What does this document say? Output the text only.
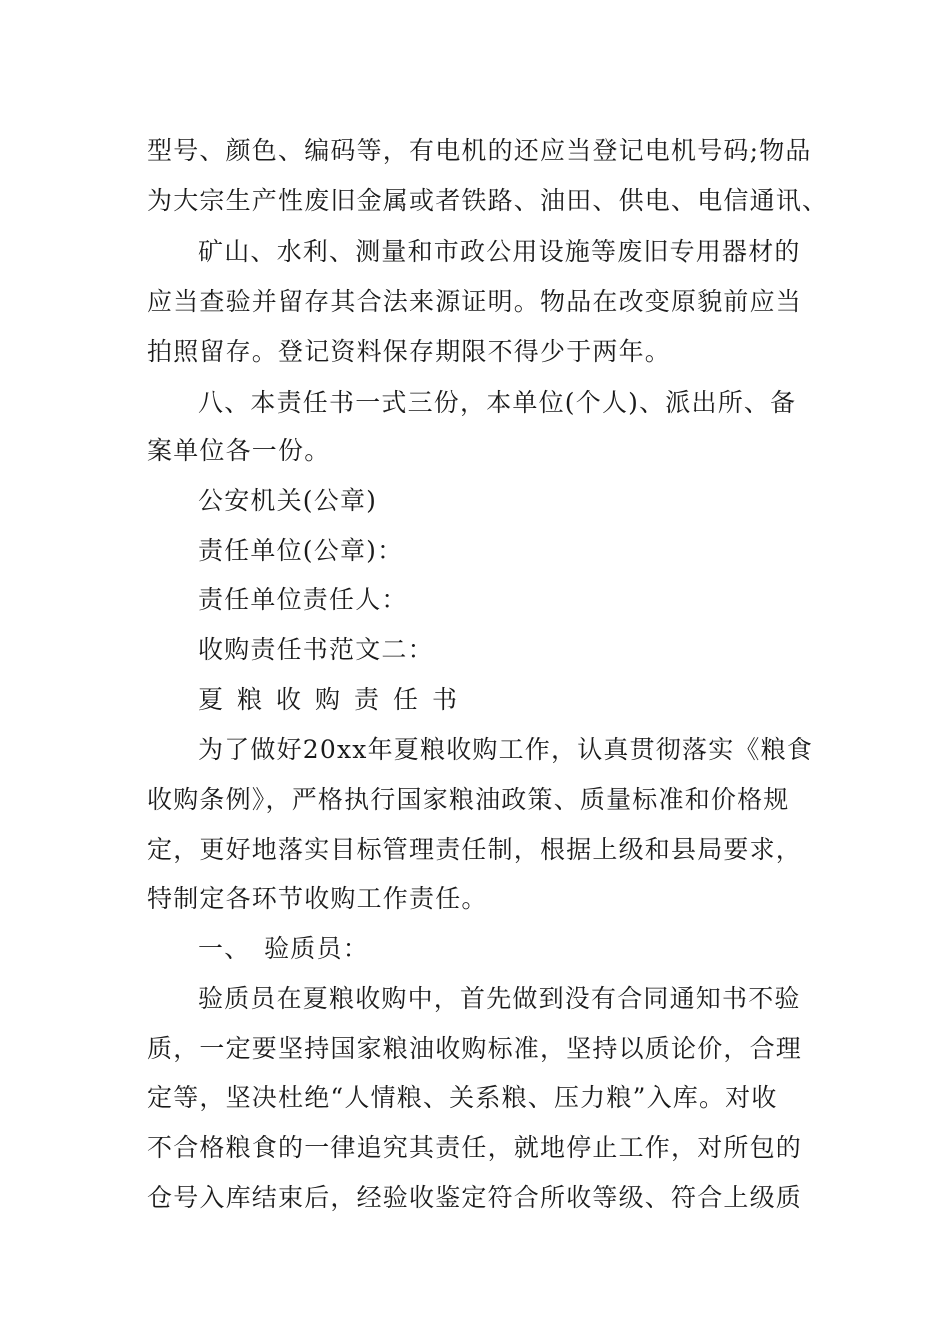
型号、颜色、编码等，有电机的还应当登记电机号码;物品
为大宗生产性废旧金属或者铁路、油田、供电、电信通讯、
矿山、水利、测量和市政公用设施等废旧专用器材的
应当查验并留存其合法来源证明。物品在改变原貌前应当
拍照留存。登记资料保存期限不得少于两年。
八、本责任书一式三份，本单位(个人)、派出所、备
案单位各一份。
公安机关(公章)
责任单位(公章)：
责任单位责任人：
收购责任书范文二：
夏粮收购责任书
为了做好20xx年夏粮收购工作，认真贯彻落实《粮食
收购条例》，严格执行国家粮油政策、质量标准和价格规
定，更好地落实目标管理责任制，根据上级和县局要求，
特制定各环节收购工作责任。
一、　验质员：
验质员在夏粮收购中，首先做到没有合同通知书不验
质，一定要坚持国家粮油收购标准，坚持以质论价，合理
定等，坚决杜绝“人情粮、关系粮、压力粮”入库。对收
不合格粮食的一律追究其责任，就地停止工作，对所包的
仓号入库结束后，经验收鉴定符合所收等级、符合上级质
